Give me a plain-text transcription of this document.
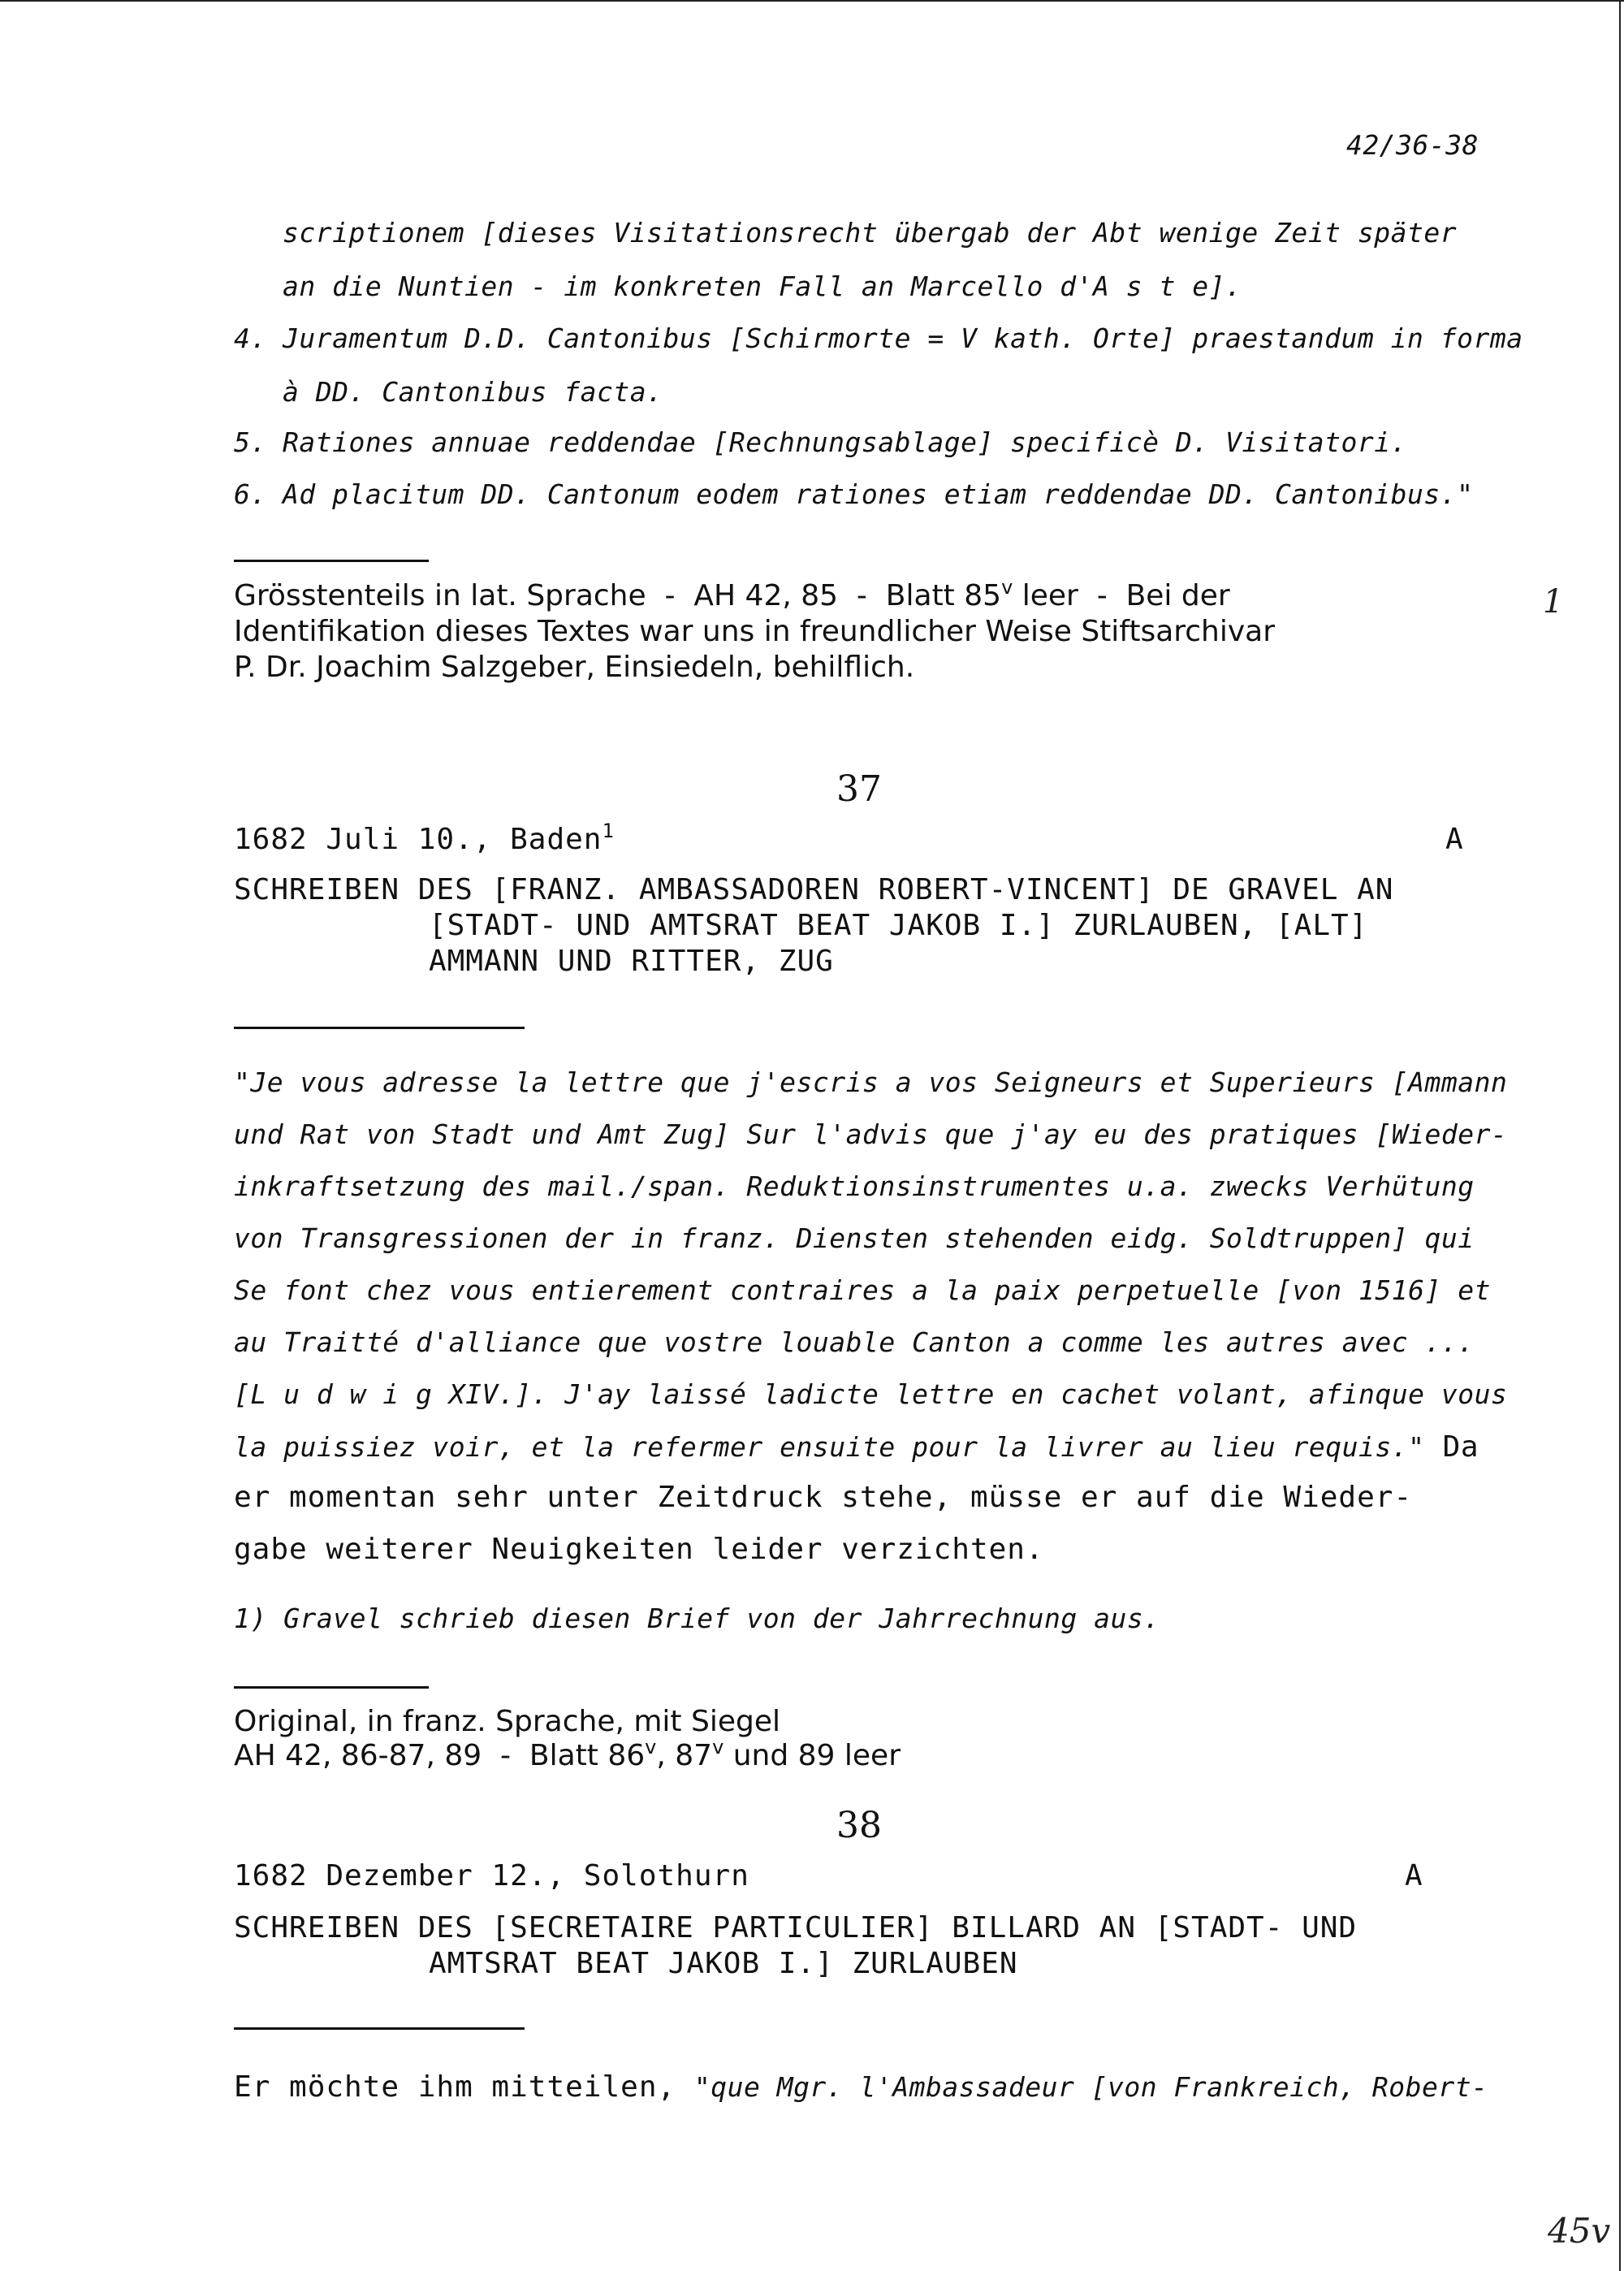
42/36-38
scriptionem [dieses Visitationsrecht übergab der Abt wenige Zeit später
an die Nuntien - im konkreten Fall an Marcello d'A s t e].
4. Juramentum D.D. Cantonibus [Schirmorte = V kath. Orte] praestandum in forma
à DD. Cantonibus facta.
5. Rationes annuae reddendae [Rechnungsablage] specificè D. Visitatori.
6. Ad placitum DD. Cantonum eodem rationes etiam reddendae DD. Cantonibus."
Grösstenteils in lat. Sprache  -  AH 42, 85  -  Blatt 85$^v$ leer  -  Bei der
Identifikation dieses Textes war uns in freundlicher Weise Stiftsarchivar
P. Dr. Joachim Salzgeber, Einsiedeln, behilflich.
1
37
1682 Juli 10., Baden$^1$	A
SCHREIBEN DES [FRANZ. AMBASSADOREN ROBERT-VINCENT] DE GRAVEL AN
[STADT- UND AMTSRAT BEAT JAKOB I.] ZURLAUBEN, [ALT]
AMMANN UND RITTER, ZUG
"Je vous adresse la lettre que j'escris a vos Seigneurs et Superieurs [Ammann
und Rat von Stadt und Amt Zug] Sur l'advis que j'ay eu des pratiques [Wieder-
inkraftsetzung des mail./span. Reduktionsinstrumentes u.a. zwecks Verhütung
von Transgressionen der in franz. Diensten stehenden eidg. Soldtruppen] qui
Se font chez vous entierement contraires a la paix perpetuelle [von 1516] et
au Traitté d'alliance que vostre louable Canton a comme les autres avec ...
[L u d w i g XIV.]. J'ay laissé ladicte lettre en cachet volant, afinque vous
la puissiez voir, et la refermer ensuite pour la livrer au lieu requis." Da
er momentan sehr unter Zeitdruck stehe, müsse er auf die Wieder-
gabe weiterer Neuigkeiten leider verzichten.
1) Gravel schrieb diesen Brief von der Jahrrechnung aus.
Original, in franz. Sprache, mit Siegel
AH 42, 86-87, 89  -  Blatt 86$^v$, 87$^v$ und 89 leer
38
1682 Dezember 12., Solothurn	A
SCHREIBEN DES [SECRETAIRE PARTICULIER] BILLARD AN [STADT- UND
AMTSRAT BEAT JAKOB I.] ZURLAUBEN
Er möchte ihm mitteilen, "que Mgr. l'Ambassadeur [von Frankreich, Robert-
45v
